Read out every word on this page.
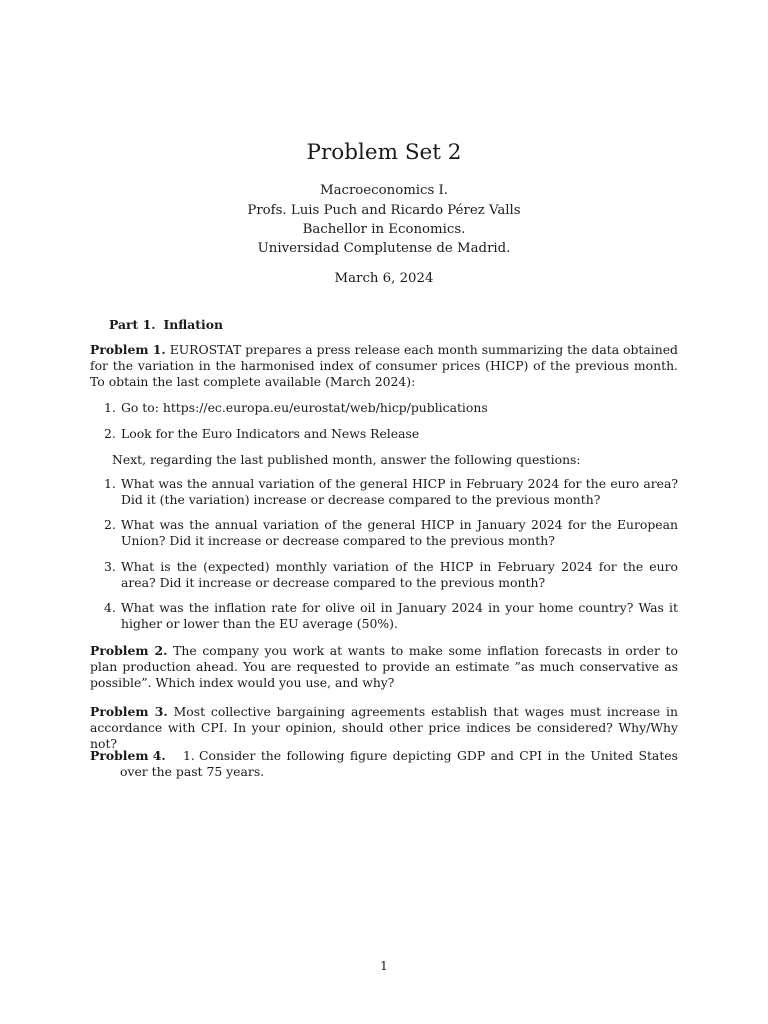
Problem Set 2
Macroeconomics I.
Profs. Luis Puch and Ricardo Pérez Valls
Bachellor in Economics.
Universidad Complutense de Madrid.
March 6, 2024
Part 1. Inflation
Problem 1. EUROSTAT prepares a press release each month summarizing the data obtained for the variation in the harmonised index of consumer prices (HICP) of the previous month. To obtain the last complete available (March 2024):
1. Go to: https://ec.europa.eu/eurostat/web/hicp/publications
2. Look for the Euro Indicators and News Release
Next, regarding the last published month, answer the following questions:
1. What was the annual variation of the general HICP in February 2024 for the euro area? Did it (the variation) increase or decrease compared to the previous month?
2. What was the annual variation of the general HICP in January 2024 for the European Union? Did it increase or decrease compared to the previous month?
3. What is the (expected) monthly variation of the HICP in February 2024 for the euro area? Did it increase or decrease compared to the previous month?
4. What was the inflation rate for olive oil in January 2024 in your home country? Was it higher or lower than the EU average (50%).
Problem 2. The company you work at wants to make some inflation forecasts in order to plan production ahead. You are requested to provide an estimate ”as much conservative as possible”. Which index would you use, and why?
Problem 3. Most collective bargaining agreements establish that wages must increase in accordance with CPI. In your opinion, should other price indices be considered? Why/Why not?
Problem 4. 1. Consider the following figure depicting GDP and CPI in the United States over the past 75 years.
1
